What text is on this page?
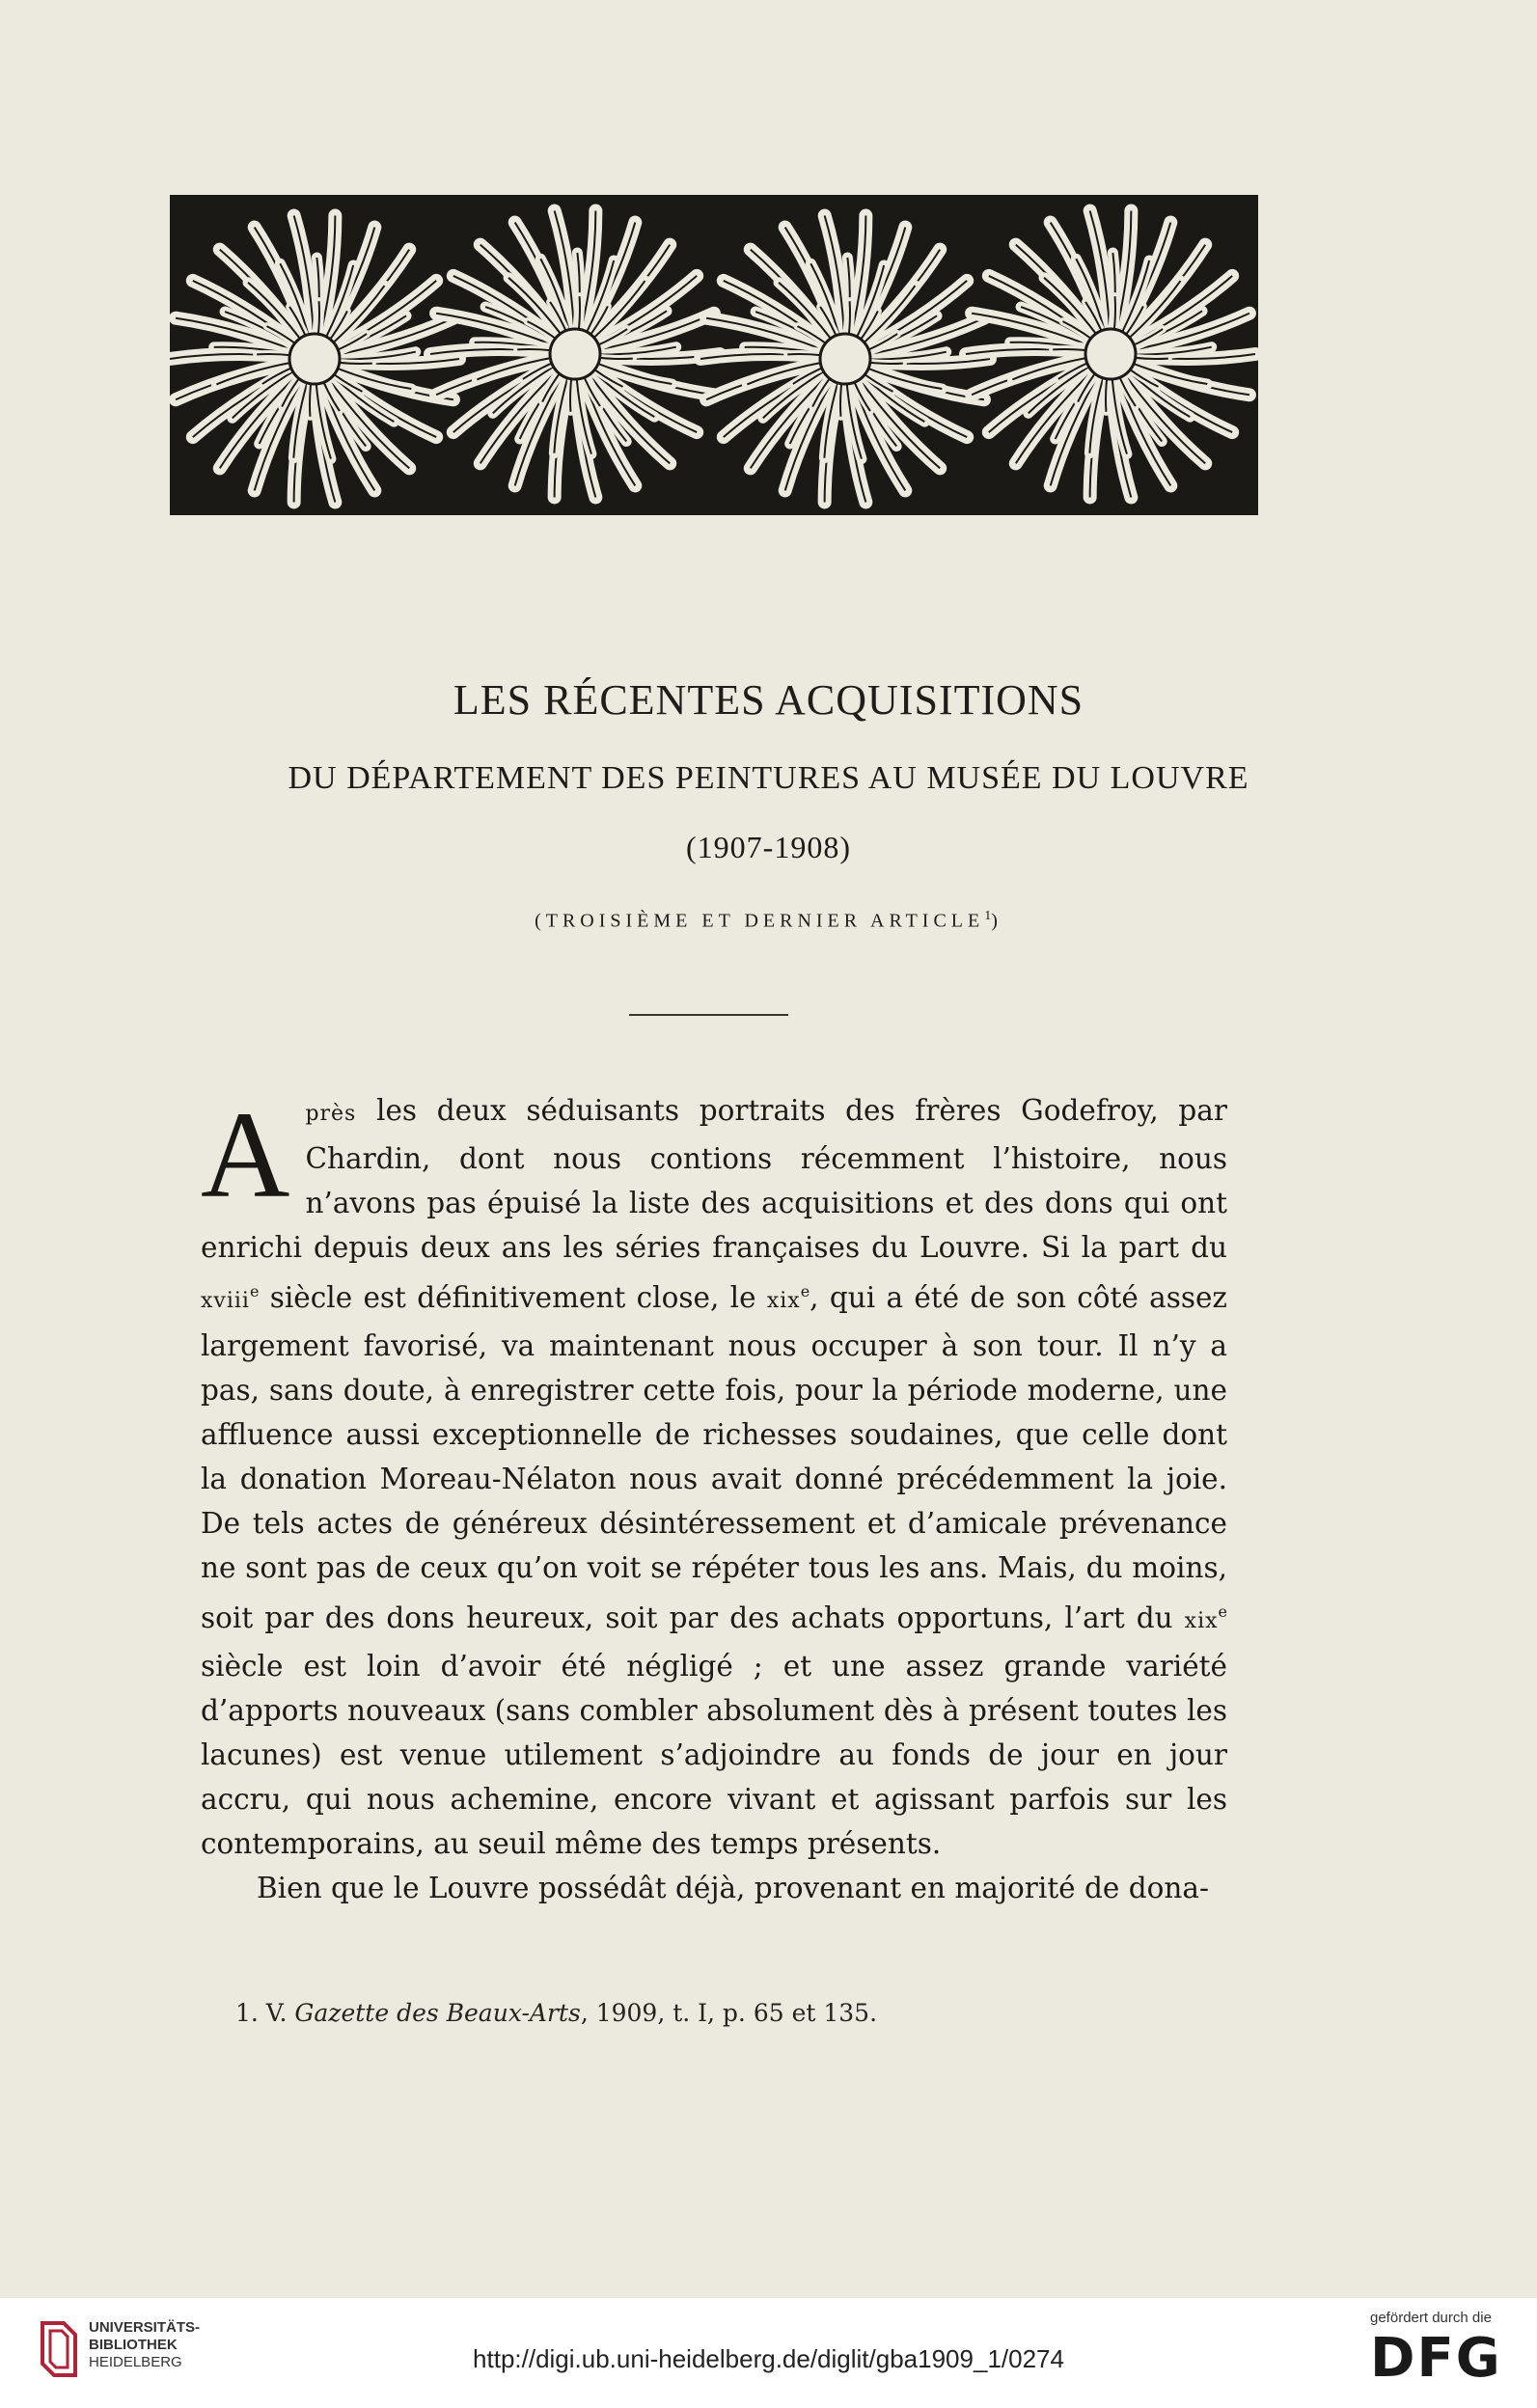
LES RÉCENTES ACQUISITIONS
DU DÉPARTEMENT DES PEINTURES AU MUSÉE DU LOUVRE
(1907-1908)
(TROISIÈME ET DERNIER ARTICLE$^1$)

Après les deux séduisants portraits des frères Godefroy, par Chardin, dont nous contions récemment l’histoire, nous n’avons pas épuisé la liste des acquisitions et des dons qui ont enrichi depuis deux ans les séries françaises du Louvre. Si la part du xviii$^e$ siècle est définitivement close, le xix$^e$, qui a été de son côté assez largement favorisé, va maintenant nous occuper à son tour. Il n’y a pas, sans doute, à enregistrer cette fois, pour la période moderne, une affluence aussi exceptionnelle de richesses soudaines, que celle dont la donation Moreau-Nélaton nous avait donné précédemment la joie. De tels actes de généreux désintéressement et d’amicale prévenance ne sont pas de ceux qu’on voit se répéter tous les ans. Mais, du moins, soit par des dons heureux, soit par des achats opportuns, l’art du xix$^e$ siècle est loin d’avoir été négligé ; et une assez grande variété d’apports nouveaux (sans combler absolument dès à présent toutes les lacunes) est venue utilement s’adjoindre au fonds de jour en jour accru, qui nous achemine, encore vivant et agissant parfois sur les contemporains, au seuil même des temps présents.

Bien que le Louvre possédât déjà, provenant en majorité de dona-

1. V. Gazette des Beaux-Arts, 1909, t. I, p. 65 et 135.
UNIVERSITÄTS-
BIBLIOTHEK
HEIDELBERG	http://digi.ub.uni-heidelberg.de/diglit/gba1909_1/0274
gefördert durch die
DFG
